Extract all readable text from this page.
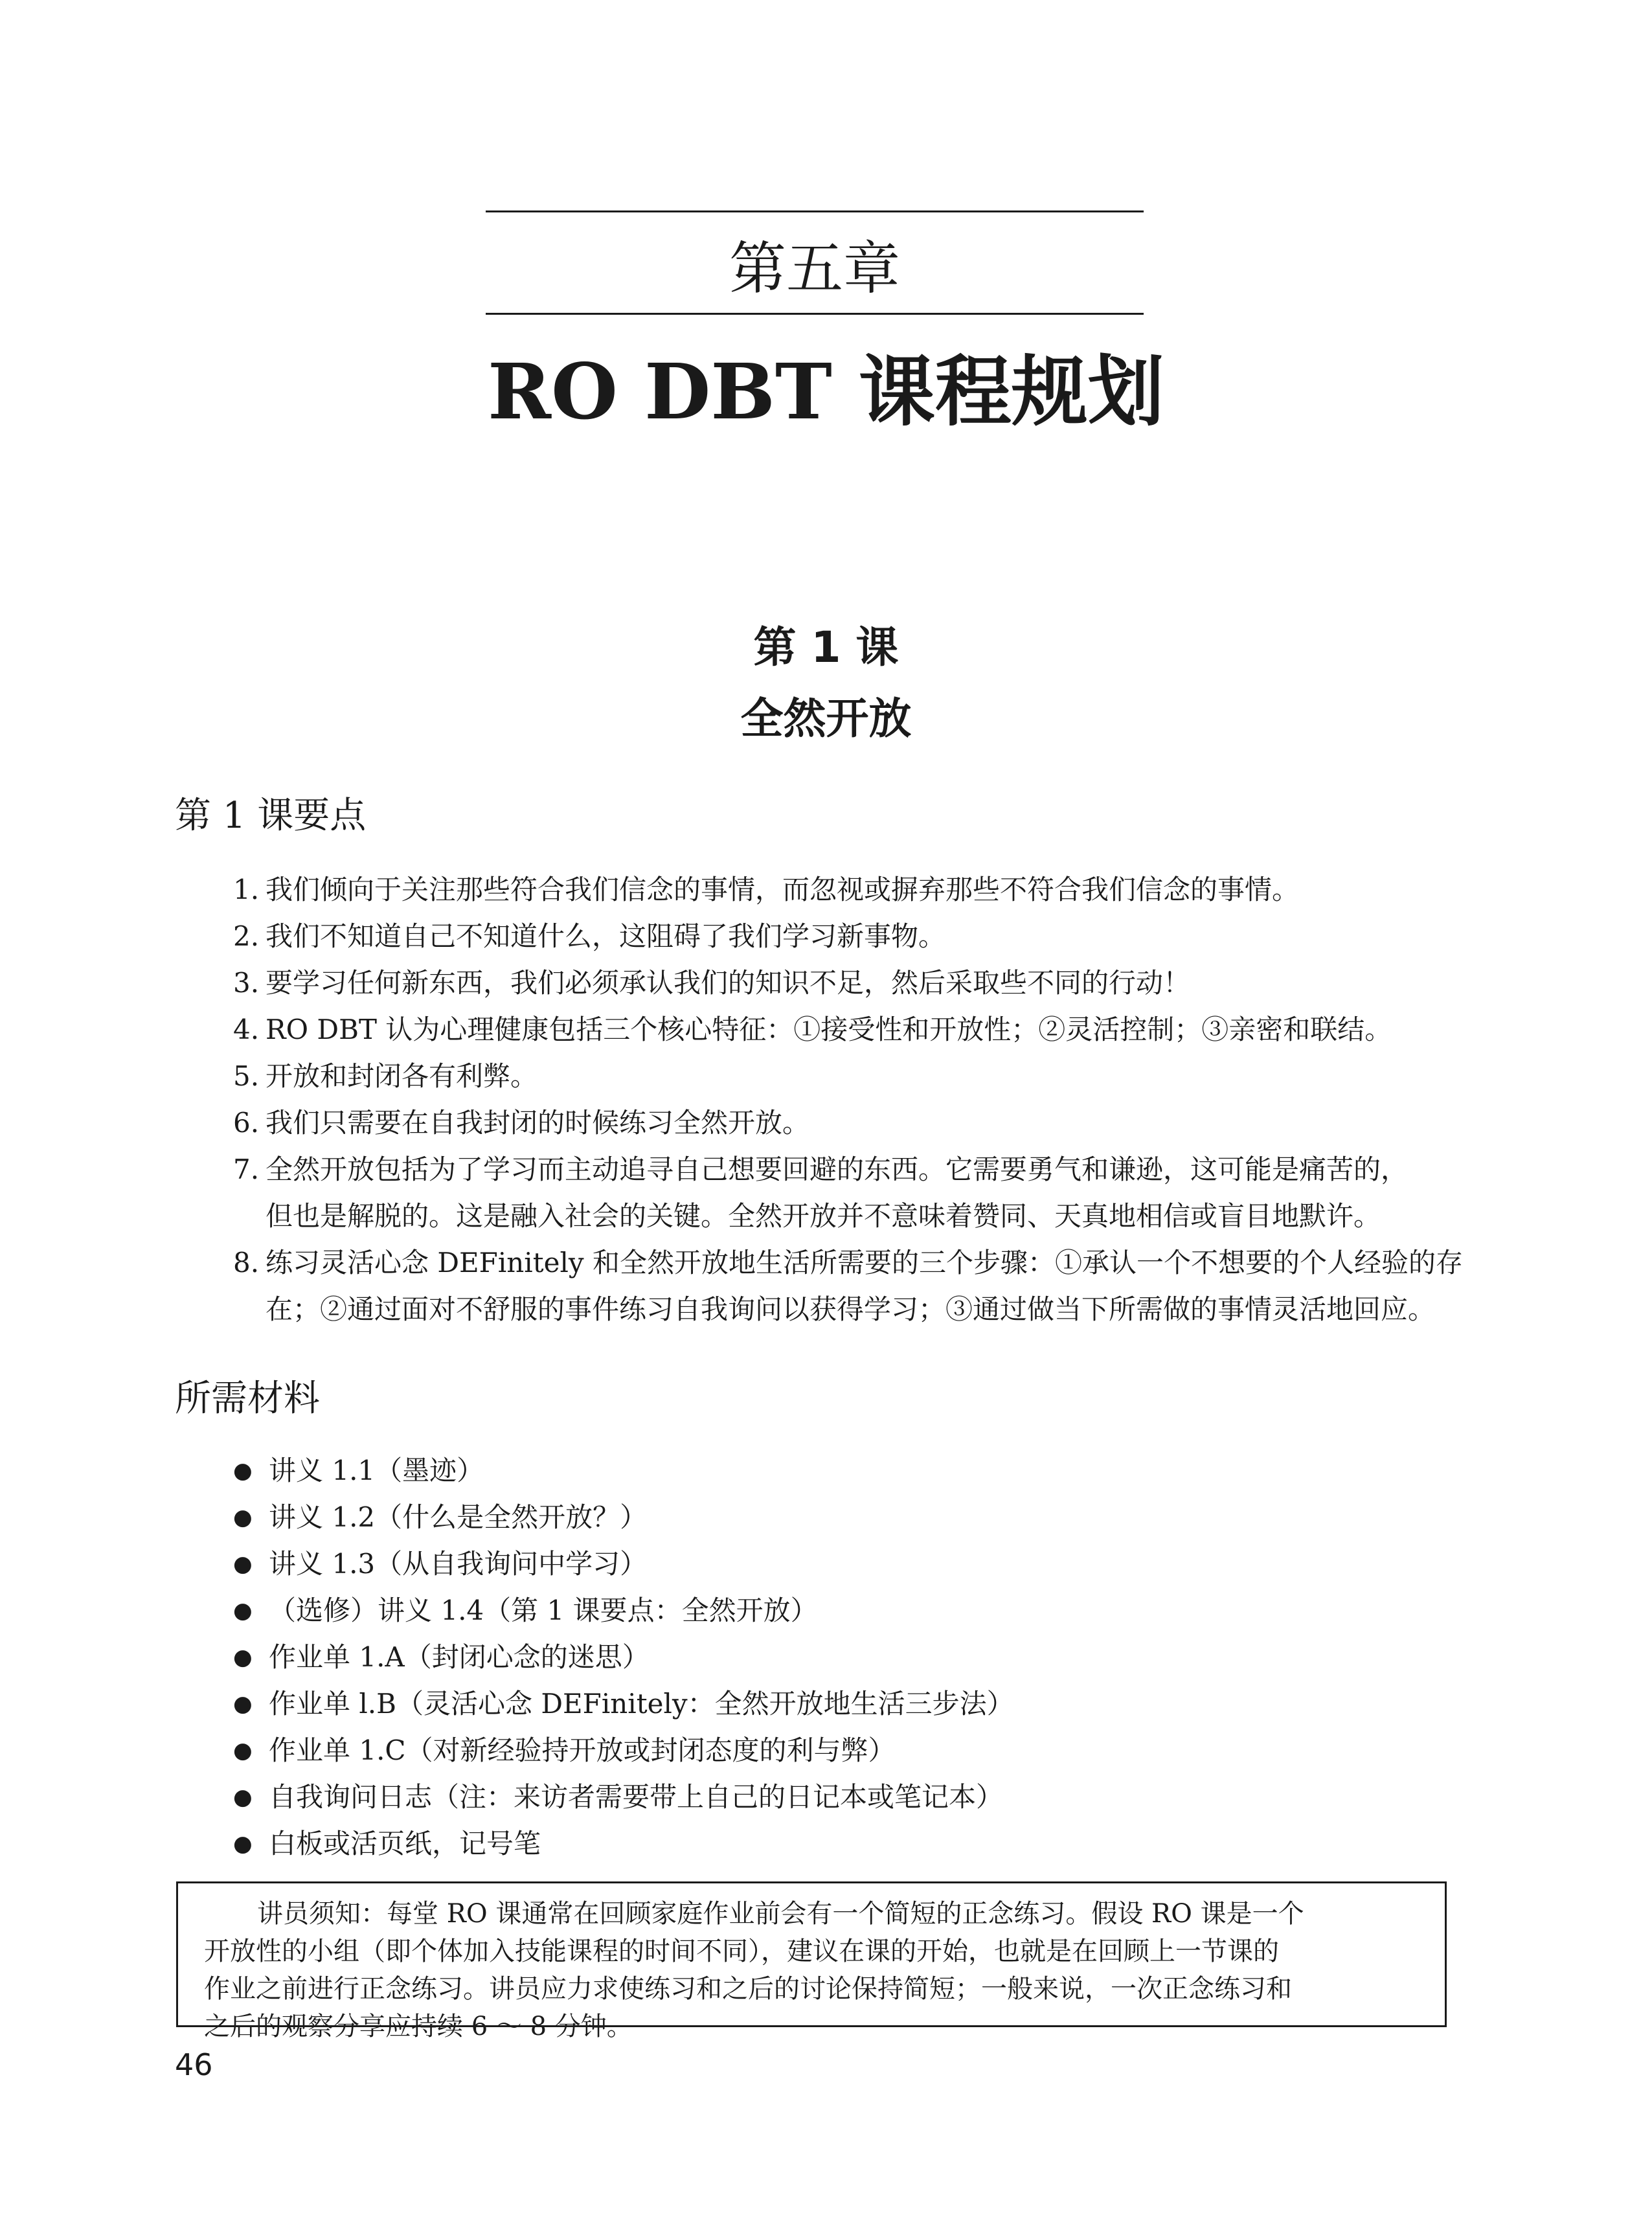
第五章
RO DBT 课程规划
第 1 课
全然开放
第 1 课要点
1. 我们倾向于关注那些符合我们信念的事情，而忽视或摒弃那些不符合我们信念的事情。
2. 我们不知道自己不知道什么，这阻碍了我们学习新事物。
3. 要学习任何新东西，我们必须承认我们的知识不足，然后采取些不同的行动！
4. RO DBT 认为心理健康包括三个核心特征：①接受性和开放性；②灵活控制；③亲密和联结。
5. 开放和封闭各有利弊。
6. 我们只需要在自我封闭的时候练习全然开放。
7. 全然开放包括为了学习而主动追寻自己想要回避的东西。它需要勇气和谦逊，这可能是痛苦的，
但也是解脱的。这是融入社会的关键。全然开放并不意味着赞同、天真地相信或盲目地默许。
8. 练习灵活心念 DEFinitely 和全然开放地生活所需要的三个步骤：①承认一个不想要的个人经验的存
在；②通过面对不舒服的事件练习自我询问以获得学习；③通过做当下所需做的事情灵活地回应。
所需材料
● 讲义 1.1（墨迹）
● 讲义 1.2（什么是全然开放？）
● 讲义 1.3（从自我询问中学习）
● （选修）讲义 1.4（第 1 课要点：全然开放）
● 作业单 1.A（封闭心念的迷思）
● 作业单 l.B（灵活心念 DEFinitely：全然开放地生活三步法）
● 作业单 1.C（对新经验持开放或封闭态度的利与弊）
● 自我询问日志（注：来访者需要带上自己的日记本或笔记本）
● 白板或活页纸，记号笔
讲员须知：每堂 RO 课通常在回顾家庭作业前会有一个简短的正念练习。假设 RO 课是一个
开放性的小组（即个体加入技能课程的时间不同），建议在课的开始，也就是在回顾上一节课的
作业之前进行正念练习。讲员应力求使练习和之后的讨论保持简短；一般来说，一次正念练习和
之后的观察分享应持续 6 ～ 8 分钟。
46
